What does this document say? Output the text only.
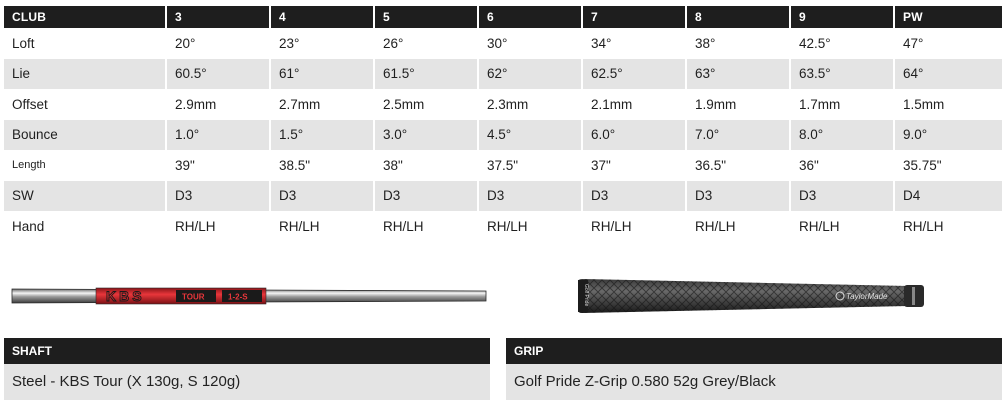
CLUB	3	4	5	6	7	8	9	PW
Loft	20°	23°	26°	30°	34°	38°	42.5°	47°
Lie	60.5°	61°	61.5°	62°	62.5°	63°	63.5°	64°
Offset	2.9mm	2.7mm	2.5mm	2.3mm	2.1mm	1.9mm	1.7mm	1.5mm
Bounce	1.0°	1.5°	3.0°	4.5°	6.0°	7.0°	8.0°	9.0°
Length	39"	38.5"	38"	37.5"	37"	36.5"	36"	35.75"
SW	D3	D3	D3	D3	D3	D3	D3	D4
Hand	RH/LH	RH/LH	RH/LH	RH/LH	RH/LH	RH/LH	RH/LH	RH/LH
KBS	TOUR	1-2-S	Golf Pride	TaylorMade
SHAFT
Steel - KBS Tour (X 130g, S 120g)
GRIP
Golf Pride Z-Grip 0.580 52g Grey/Black
